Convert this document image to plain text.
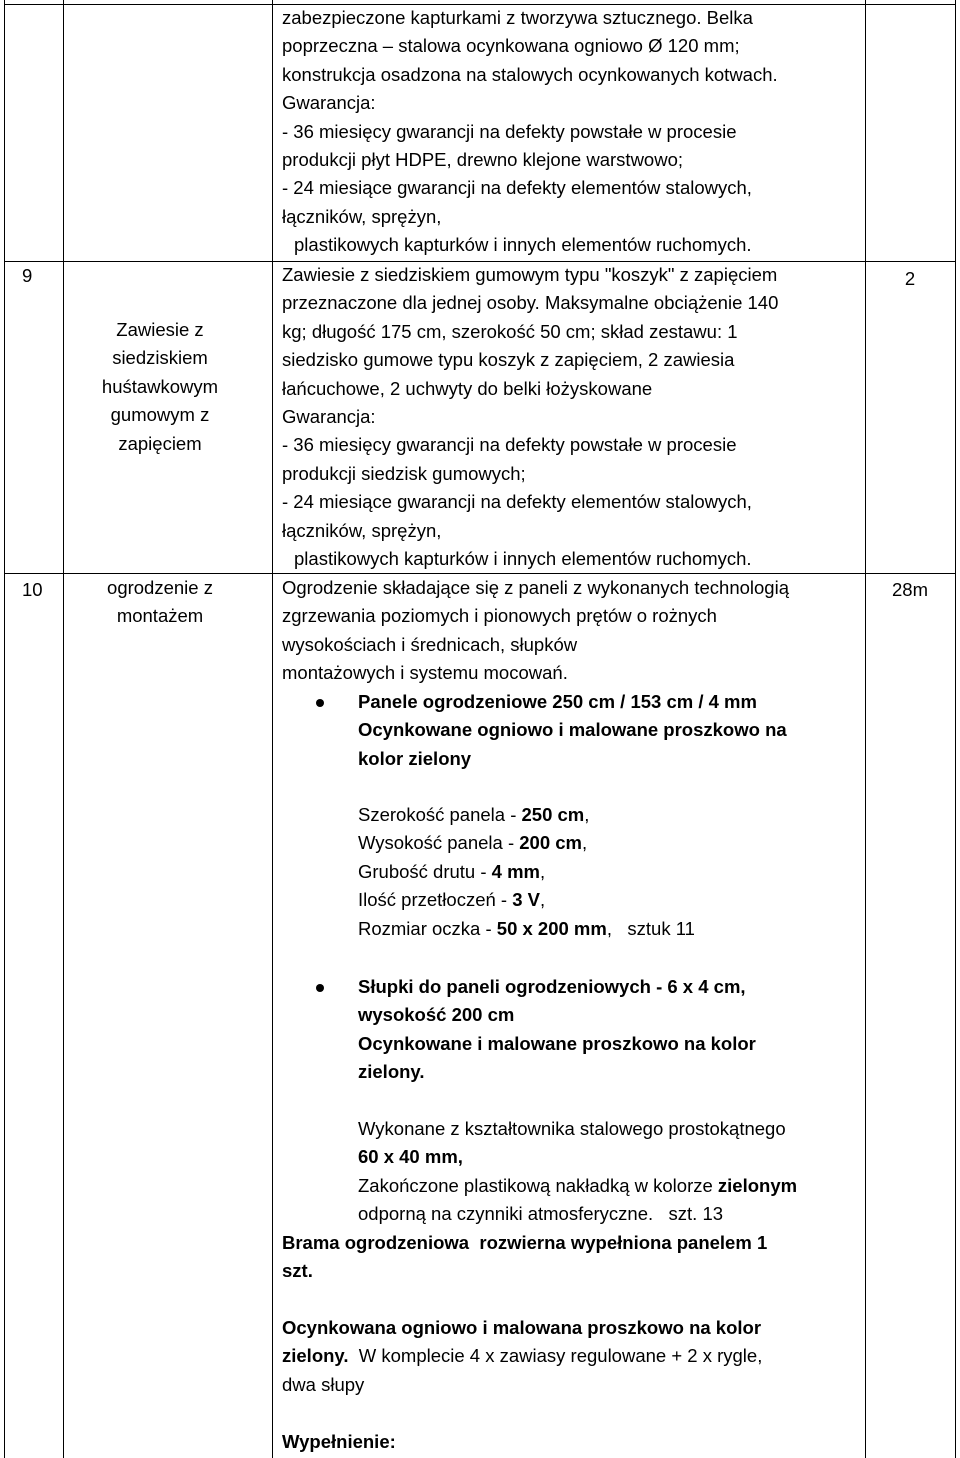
zabezpieczone kapturkami z tworzywa sztucznego. Belka
poprzeczna – stalowa ocynkowana ogniowo Ø 120 mm;
konstrukcja osadzona na stalowych ocynkowanych kotwach.
Gwarancja:
- 36 miesięcy gwarancji na defekty powstałe w procesie
produkcji płyt HDPE, drewno klejone warstwowo;
- 24 miesiące gwarancji na defekty elementów stalowych,
łączników, sprężyn,
plastikowych kapturków i innych elementów ruchomych.
9
Zawiesie z
siedziskiem
huśtawkowym
gumowym z
zapięciem
2
Zawiesie z siedziskiem gumowym typu "koszyk" z zapięciem
przeznaczone dla jednej osoby. Maksymalne obciążenie 140
kg; długość 175 cm, szerokość 50 cm; skład zestawu: 1
siedzisko gumowe typu koszyk z zapięciem, 2 zawiesia
łańcuchowe, 2 uchwyty do belki łożyskowane
Gwarancja:
- 36 miesięcy gwarancji na defekty powstałe w procesie
produkcji siedzisk gumowych;
- 24 miesiące gwarancji na defekty elementów stalowych,
łączników, sprężyn,
plastikowych kapturków i innych elementów ruchomych.
10	ogrodzenie z
montażem
28m
Ogrodzenie składające się z paneli z wykonanych technologią
zgrzewania poziomych i pionowych prętów o rożnych
wysokościach i średnicach, słupków
montażowych i systemu mocowań.
Panele ogrodzeniowe 250 cm / 153 cm / 4 mm
Ocynkowane ogniowo i malowane proszkowo na
kolor zielony
Szerokość panela - 250 cm,
Wysokość panela - 200 cm,
Grubość drutu - 4 mm,
Ilość przetłoczeń - 3 V,
Rozmiar oczka - 50 x 200 mm,   sztuk 11
Słupki do paneli ogrodzeniowych - 6 x 4 cm,
wysokość 200 cm
Ocynkowane i malowane proszkowo na kolor
zielony.
Wykonane z kształtownika stalowego prostokątnego
60 x 40 mm,
Zakończone plastikową nakładką w kolorze zielonym
odporną na czynniki atmosferyczne.   szt. 13
Brama ogrodzeniowa  rozwierna wypełniona panelem 1
szt.
Ocynkowana ogniowo i malowana proszkowo na kolor
zielony.  W komplecie 4 x zawiasy regulowane + 2 x rygle,
dwa słupy
Wypełnienie:
